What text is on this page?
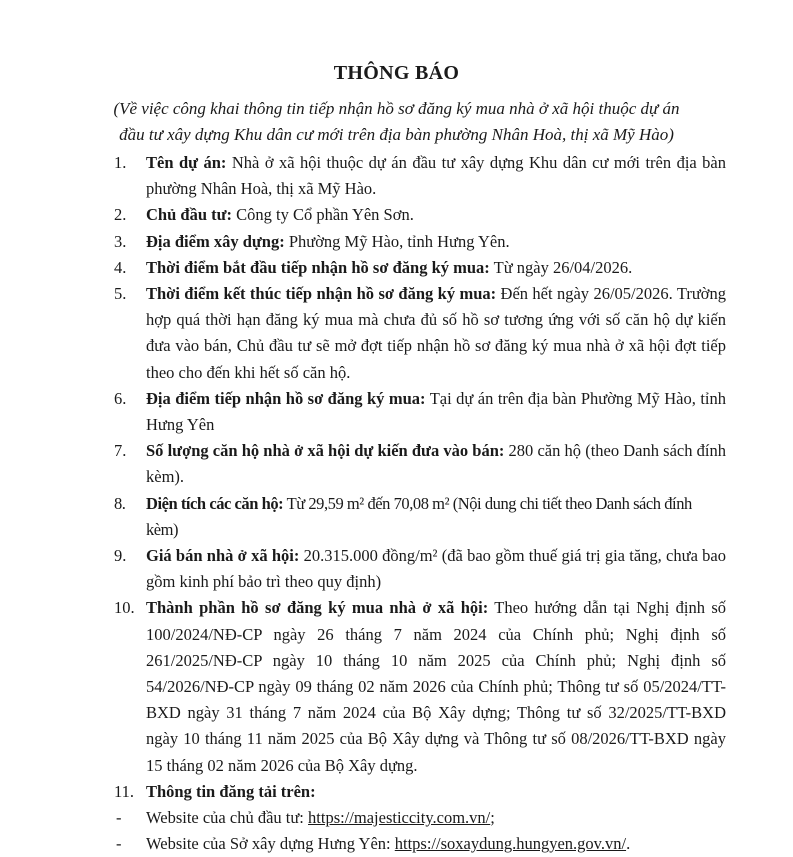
THÔNG BÁO
(Về việc công khai thông tin tiếp nhận hồ sơ đăng ký mua nhà ở xã hội thuộc dự án
đầu tư xây dựng Khu dân cư mới trên địa bàn phường Nhân Hoà, thị xã Mỹ Hào)
1. Tên dự án: Nhà ở xã hội thuộc dự án đầu tư xây dựng Khu dân cư mới trên địa bàn phường Nhân Hoà, thị xã Mỹ Hào.
2. Chủ đầu tư: Công ty Cổ phần Yên Sơn.
3. Địa điểm xây dựng: Phường Mỹ Hào, tỉnh Hưng Yên.
4. Thời điểm bắt đầu tiếp nhận hồ sơ đăng ký mua: Từ ngày 26/04/2026.
5. Thời điểm kết thúc tiếp nhận hồ sơ đăng ký mua: Đến hết ngày 26/05/2026. Trường hợp quá thời hạn đăng ký mua mà chưa đủ số hồ sơ tương ứng với số căn hộ dự kiến đưa vào bán, Chủ đầu tư sẽ mở đợt tiếp nhận hồ sơ đăng ký mua nhà ở xã hội đợt tiếp theo cho đến khi hết số căn hộ.
6. Địa điểm tiếp nhận hồ sơ đăng ký mua: Tại dự án trên địa bàn Phường Mỹ Hào, tỉnh Hưng Yên
7. Số lượng căn hộ nhà ở xã hội dự kiến đưa vào bán: 280 căn hộ (theo Danh sách đính kèm).
8. Diện tích các căn hộ: Từ 29,59 m² đến 70,08 m² (Nội dung chi tiết theo Danh sách đính kèm)
9. Giá bán nhà ở xã hội: 20.315.000 đồng/m² (đã bao gồm thuế giá trị gia tăng, chưa bao gồm kinh phí bảo trì theo quy định)
10. Thành phần hồ sơ đăng ký mua nhà ở xã hội: Theo hướng dẫn tại Nghị định số 100/2024/NĐ-CP ngày 26 tháng 7 năm 2024 của Chính phủ; Nghị định số 261/2025/NĐ-CP ngày 10 tháng 10 năm 2025 của Chính phủ; Nghị định số 54/2026/NĐ-CP ngày 09 tháng 02 năm 2026 của Chính phủ; Thông tư số 05/2024/TT-BXD ngày 31 tháng 7 năm 2024 của Bộ Xây dựng; Thông tư số 32/2025/TT-BXD ngày 10 tháng 11 năm 2025 của Bộ Xây dựng và Thông tư số 08/2026/TT-BXD ngày 15 tháng 02 năm 2026 của Bộ Xây dựng.
11. Thông tin đăng tải trên:
- Website của chủ đầu tư: https://majesticcity.com.vn/;
- Website của Sở xây dựng Hưng Yên: https://soxaydung.hungyen.gov.vn/.
